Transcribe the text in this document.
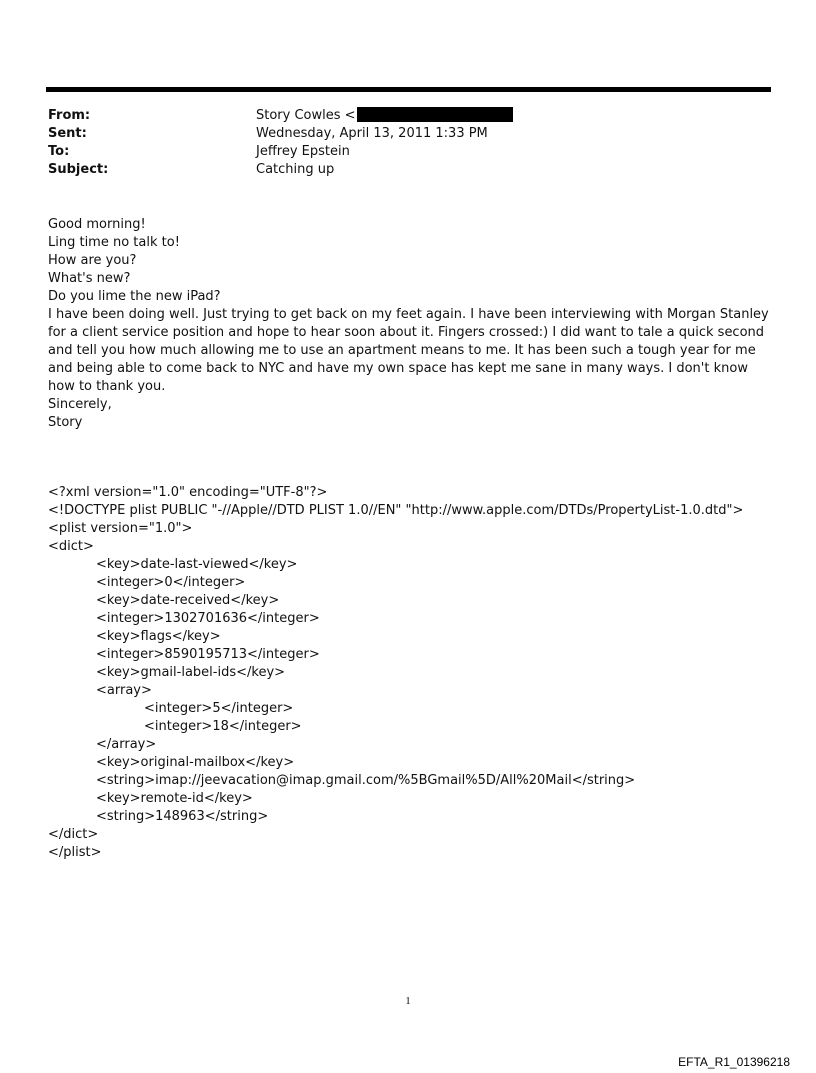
From:	Story Cowles <
Sent:	Wednesday, April 13, 2011 1:33 PM
To:	Jeffrey Epstein
Subject:	Catching up
Good morning!
Ling time no talk to!
How are you?
What's new?
Do you lime the new iPad?
I have been doing well. Just trying to get back on my feet again. I have been interviewing with Morgan Stanley for a client service position and hope to hear soon about it. Fingers crossed:) I did want to tale a quick second and tell you how much allowing me to use an apartment means to me. It has been such a tough year for me and being able to come back to NYC and have my own space has kept me sane in many ways. I don't know how to thank you.
Sincerely,
Story
<?xml version="1.0" encoding="UTF-8"?>
<!DOCTYPE plist PUBLIC "-//Apple//DTD PLIST 1.0//EN" "http://www.apple.com/DTDs/PropertyList-1.0.dtd">
<plist version="1.0">
<dict>
<key>date-last-viewed</key>
<integer>0</integer>
<key>date-received</key>
<integer>1302701636</integer>
<key>flags</key>
<integer>8590195713</integer>
<key>gmail-label-ids</key>
<array>
<integer>5</integer>
<integer>18</integer>
</array>
<key>original-mailbox</key>
<string>imap://jeevacation@imap.gmail.com/%5BGmail%5D/All%20Mail</string>
<key>remote-id</key>
<string>148963</string>
</dict>
</plist>
1
EFTA_R1_01396218
